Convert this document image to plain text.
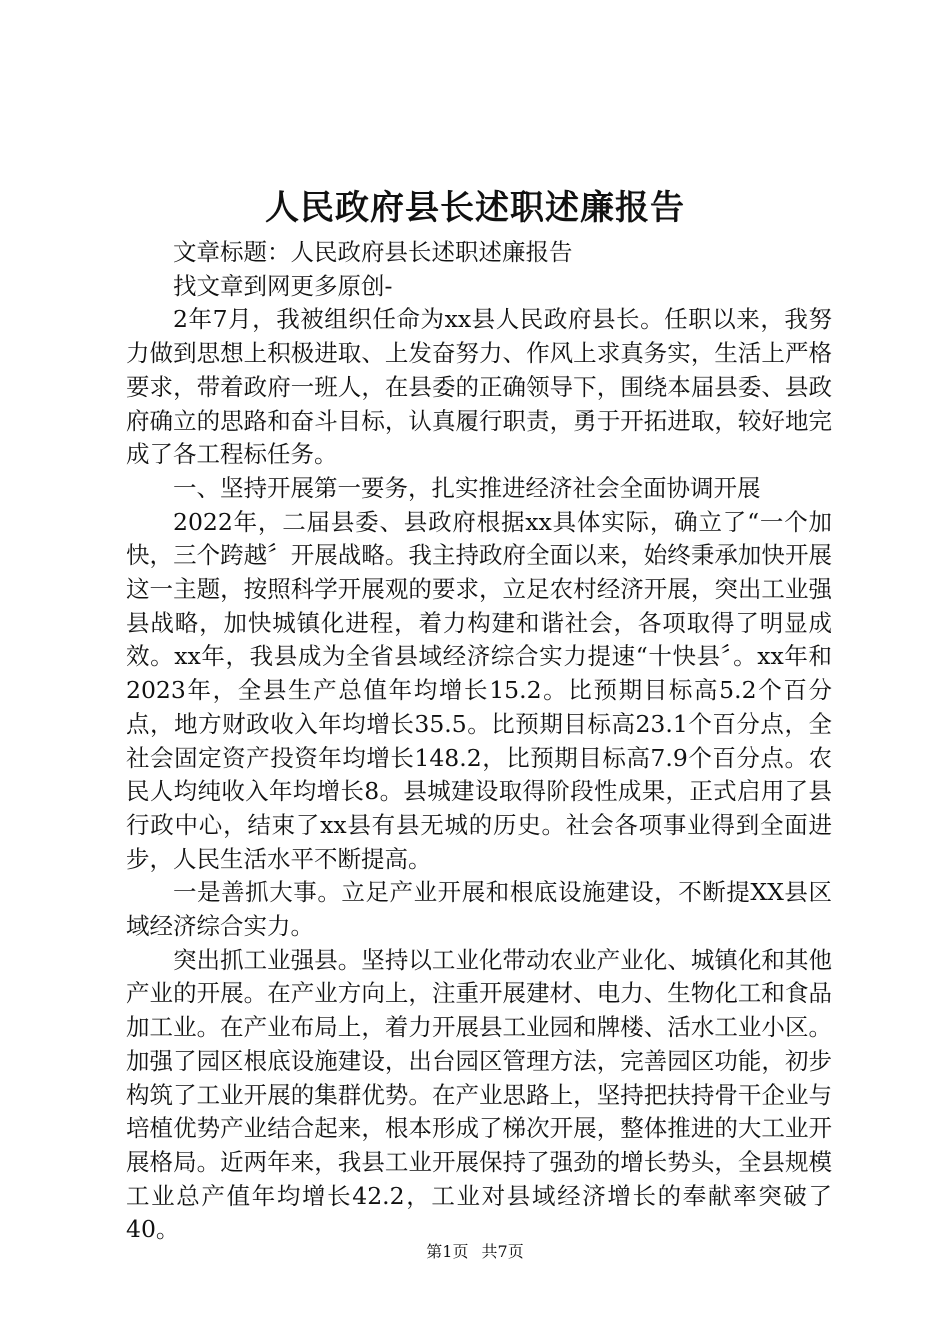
人民政府县长述职述廉报告

文章标题：人民政府县长述职述廉报告

找文章到网更多原创-

2年7月，我被组织任命为xx县人民政府县长。任职以来，我努力做到思想上积极进取、上发奋努力、作风上求真务实，生活上严格要求，带着政府一班人，在县委的正确领导下，围绕本届县委、县政府确立的思路和奋斗目标，认真履行职责，勇于开拓进取，较好地完成了各工程标任务。

一、坚持开展第一要务，扎实推进经济社会全面协调开展

2022年，二届县委、县政府根据xx具体实际，确立了“一个加快，三个跨越〞开展战略。我主持政府全面以来，始终秉承加快开展这一主题，按照科学开展观的要求，立足农村经济开展，突出工业强县战略，加快城镇化进程，着力构建和谐社会，各项取得了明显成效。xx年，我县成为全省县域经济综合实力提速“十快县〞。xx年和2023年，全县生产总值年均增长15.2。比预期目标高5.2个百分点，地方财政收入年均增长35.5。比预期目标高23.1个百分点，全社会固定资产投资年均增长148.2，比预期目标高7.9个百分点。农民人均纯收入年均增长8。县城建设取得阶段性成果，正式启用了县行政中心，结束了xx县有县无城的历史。社会各项事业得到全面进步，人民生活水平不断提高。

一是善抓大事。立足产业开展和根底设施建设，不断提XX县区域经济综合实力。

突出抓工业强县。坚持以工业化带动农业产业化、城镇化和其他产业的开展。在产业方向上，注重开展建材、电力、生物化工和食品加工业。在产业布局上，着力开展县工业园和牌楼、活水工业小区。加强了园区根底设施建设，出台园区管理方法，完善园区功能，初步构筑了工业开展的集群优势。在产业思路上，坚持把扶持骨干企业与培植优势产业结合起来，根本形成了梯次开展，整体推进的大工业开展格局。近两年来，我县工业开展保持了强劲的增长势头，全县规模工业总产值年均增长42.2，工业对县域经济增长的奉献率突破了40。

第1页 共7页
